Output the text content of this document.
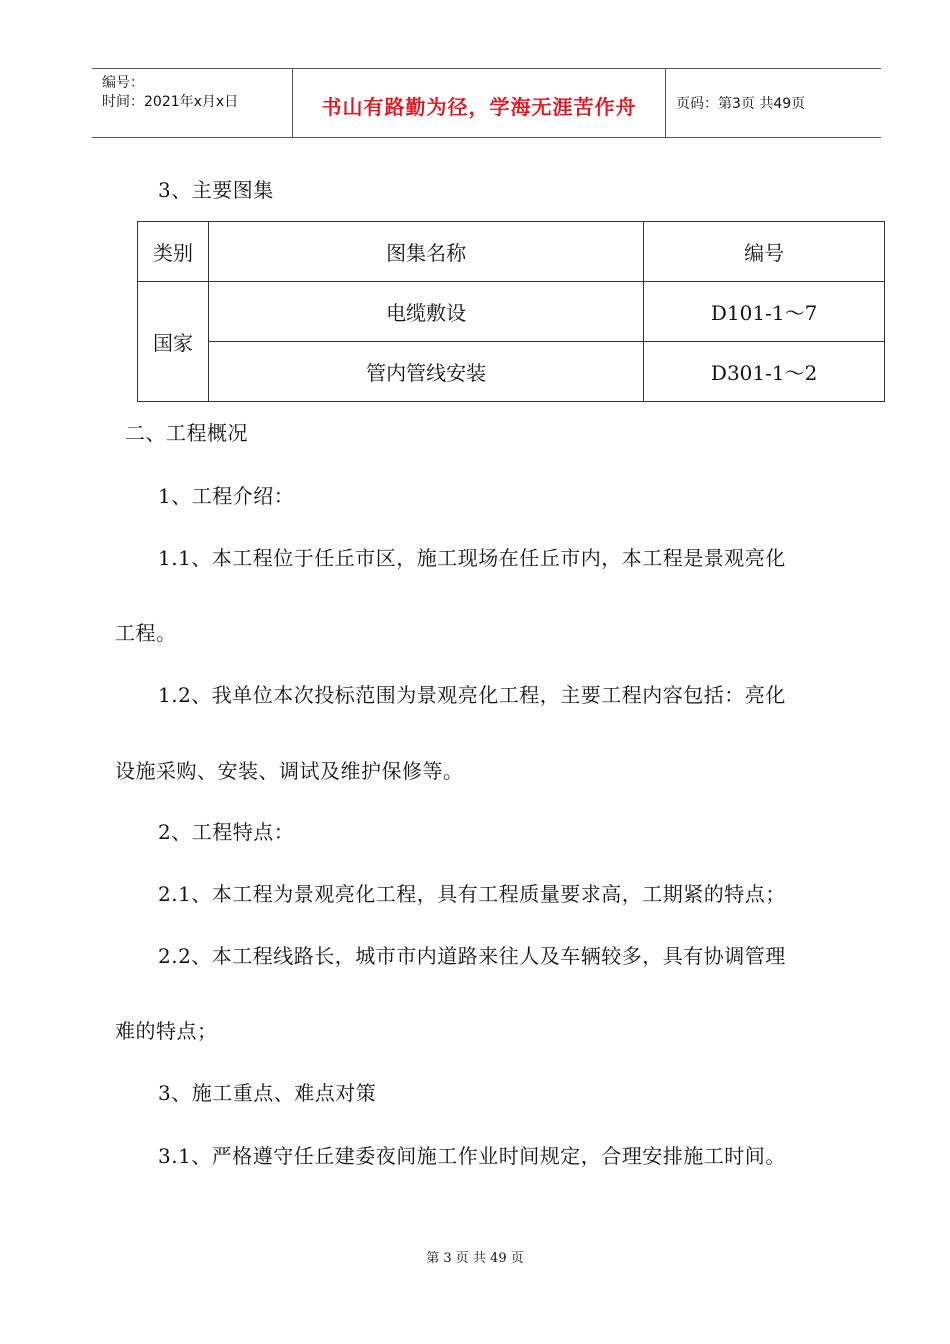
编号：
时间：2021年x月x日	书山有路勤为径，学海无涯苦作舟	页码：第3页 共49页
3、主要图集
类别	图集名称	编号
国家	电缆敷设	D101-1～7
	管内管线安装	D301-1～2
二、工程概况
1、工程介绍：
1.1、本工程位于任丘市区，施工现场在任丘市内，本工程是景观亮化
工程。
1.2、我单位本次投标范围为景观亮化工程，主要工程内容包括：亮化
设施采购、安装、调试及维护保修等。
2、工程特点：
2.1、本工程为景观亮化工程，具有工程质量要求高，工期紧的特点；
2.2、本工程线路长，城市市内道路来往人及车辆较多，具有协调管理
难的特点；
3、施工重点、难点对策
3.1、严格遵守任丘建委夜间施工作业时间规定，合理安排施工时间。
第 3 页 共 49 页
